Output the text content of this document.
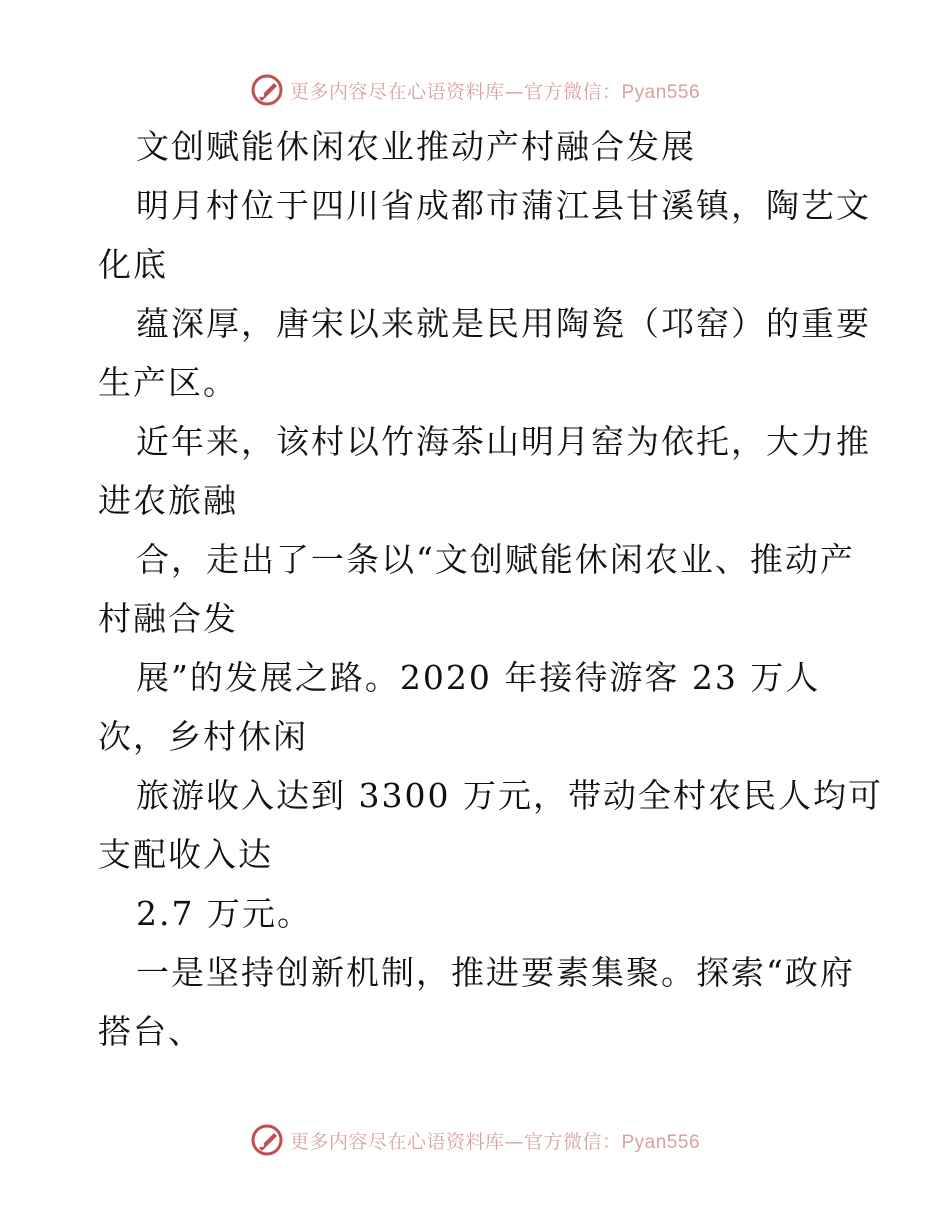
更多内容尽在心语资料库—官方微信：Pyan556
文创赋能休闲农业推动产村融合发展
明月村位于四川省成都市蒲江县甘溪镇，陶艺文
化底
蕴深厚，唐宋以来就是民用陶瓷（邛窑）的重要
生产区。
近年来，该村以竹海茶山明月窑为依托，大力推
进农旅融
合，走出了一条以“文创赋能休闲农业、推动产
村融合发
展”的发展之路。2020 年接待游客 23 万人
次，乡村休闲
旅游收入达到 3300 万元，带动全村农民人均可
支配收入达
2.7 万元。
一是坚持创新机制，推进要素集聚。探索“政府
搭台、
更多内容尽在心语资料库—官方微信：Pyan556
